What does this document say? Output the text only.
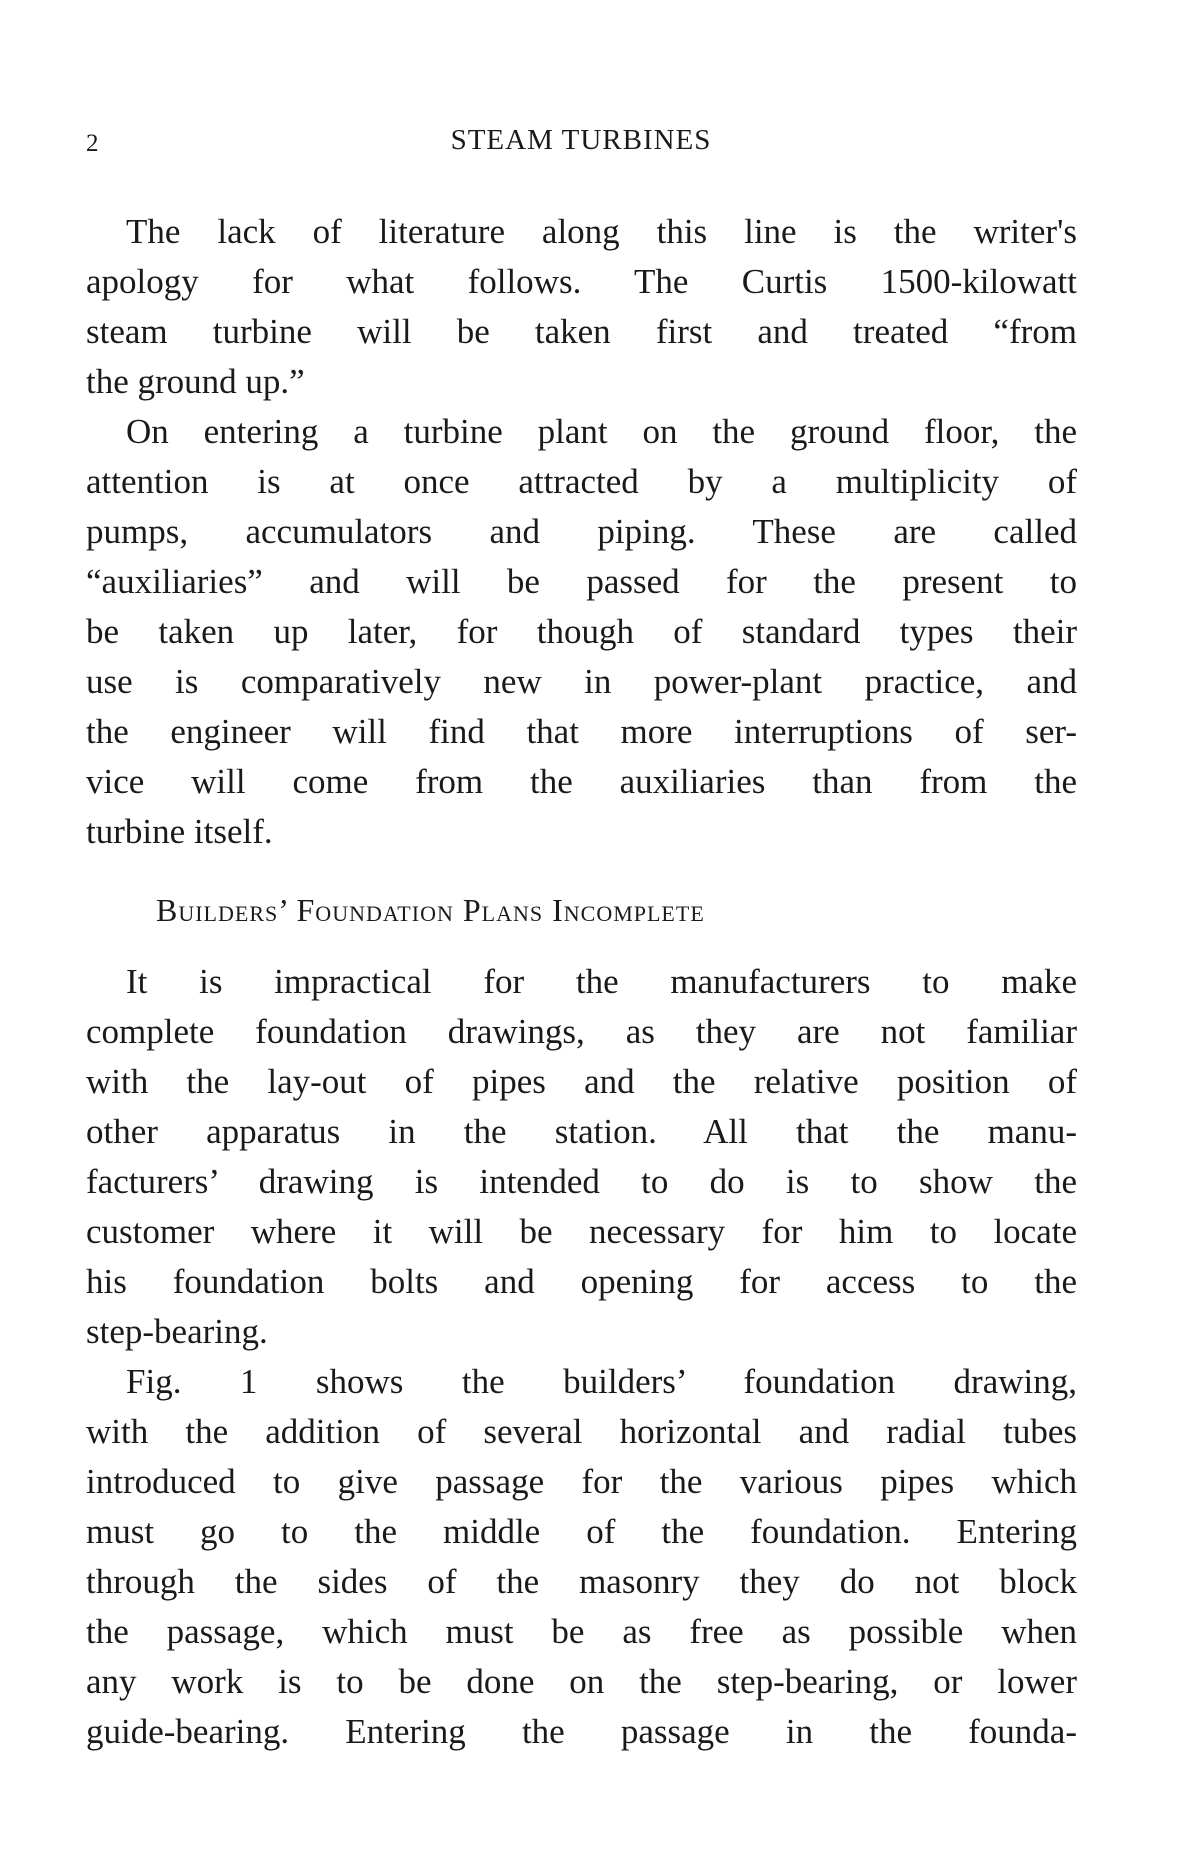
2	STEAM TURBINES
The lack of literature along this line is the writer's
apology for what follows. The Curtis 1500-kilowatt
steam turbine will be taken first and treated “from
the ground up.”
On entering a turbine plant on the ground floor, the
attention is at once attracted by a multiplicity of
pumps, accumulators and piping. These are called
“auxiliaries” and will be passed for the present to
be taken up later, for though of standard types their
use is comparatively new in power-plant practice, and
the engineer will find that more interruptions of ser-
vice will come from the auxiliaries than from the
turbine itself.
Builders’ Foundation Plans Incomplete
It is impractical for the manufacturers to make
complete foundation drawings, as they are not familiar
with the lay-out of pipes and the relative position of
other apparatus in the station. All that the manu-
facturers’ drawing is intended to do is to show the
customer where it will be necessary for him to locate
his foundation bolts and opening for access to the
step-bearing.
Fig. 1 shows the builders’ foundation drawing,
with the addition of several horizontal and radial tubes
introduced to give passage for the various pipes which
must go to the middle of the foundation. Entering
through the sides of the masonry they do not block
the passage, which must be as free as possible when
any work is to be done on the step-bearing, or lower
guide-bearing. Entering the passage in the founda-
